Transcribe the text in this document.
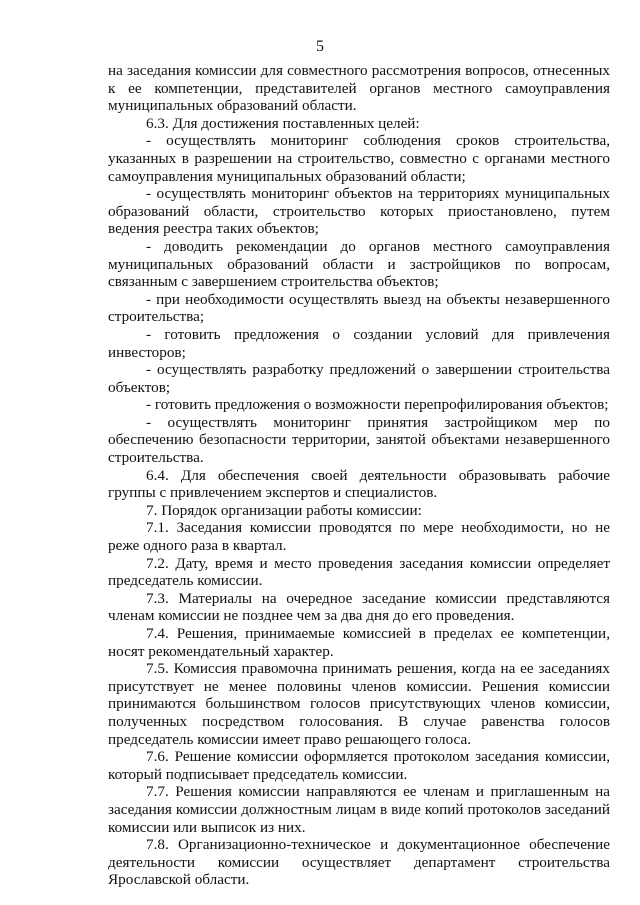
5

на заседания комиссии для совместного рассмотрения вопросов, отнесенных к ее компетенции, представителей органов местного самоуправления муниципальных образований области.

6.3. Для достижения поставленных целей:

- осуществлять мониторинг соблюдения сроков строительства, указанных в разрешении на строительство, совместно с органами местного самоуправления муниципальных образований области;

- осуществлять мониторинг объектов на территориях муниципальных образований области, строительство которых приостановлено, путем ведения реестра таких объектов;

- доводить рекомендации до органов местного самоуправления муниципальных образований области и застройщиков по вопросам, связанным с завершением строительства объектов;

- при необходимости осуществлять выезд на объекты незавершенного строительства;

- готовить предложения о создании условий для привлечения инвесторов;

- осуществлять разработку предложений о завершении строительства объектов;

- готовить предложения о возможности перепрофилирования объектов;

- осуществлять мониторинг принятия застройщиком мер по обеспечению безопасности территории, занятой объектами незавершенного строительства.

6.4. Для обеспечения своей деятельности образовывать рабочие группы с привлечением экспертов и специалистов.

7. Порядок организации работы комиссии:

7.1. Заседания комиссии проводятся по мере необходимости, но не реже одного раза в квартал.

7.2. Дату, время и место проведения заседания комиссии определяет председатель комиссии.

7.3. Материалы на очередное заседание комиссии представляются членам комиссии не позднее чем за два дня до его проведения.

7.4. Решения, принимаемые комиссией в пределах ее компетенции, носят рекомендательный характер.

7.5. Комиссия правомочна принимать решения, когда на ее заседаниях присутствует не менее половины членов комиссии. Решения комиссии принимаются большинством голосов присутствующих членов комиссии, полученных посредством голосования. В случае равенства голосов председатель комиссии имеет право решающего голоса.

7.6. Решение комиссии оформляется протоколом заседания комиссии, который подписывает председатель комиссии.

7.7. Решения комиссии направляются ее членам и приглашенным на заседания комиссии должностным лицам в виде копий протоколов заседаний комиссии или выписок из них.

7.8. Организационно-техническое и документационное обеспечение деятельности комиссии осуществляет департамент строительства Ярославской области.
